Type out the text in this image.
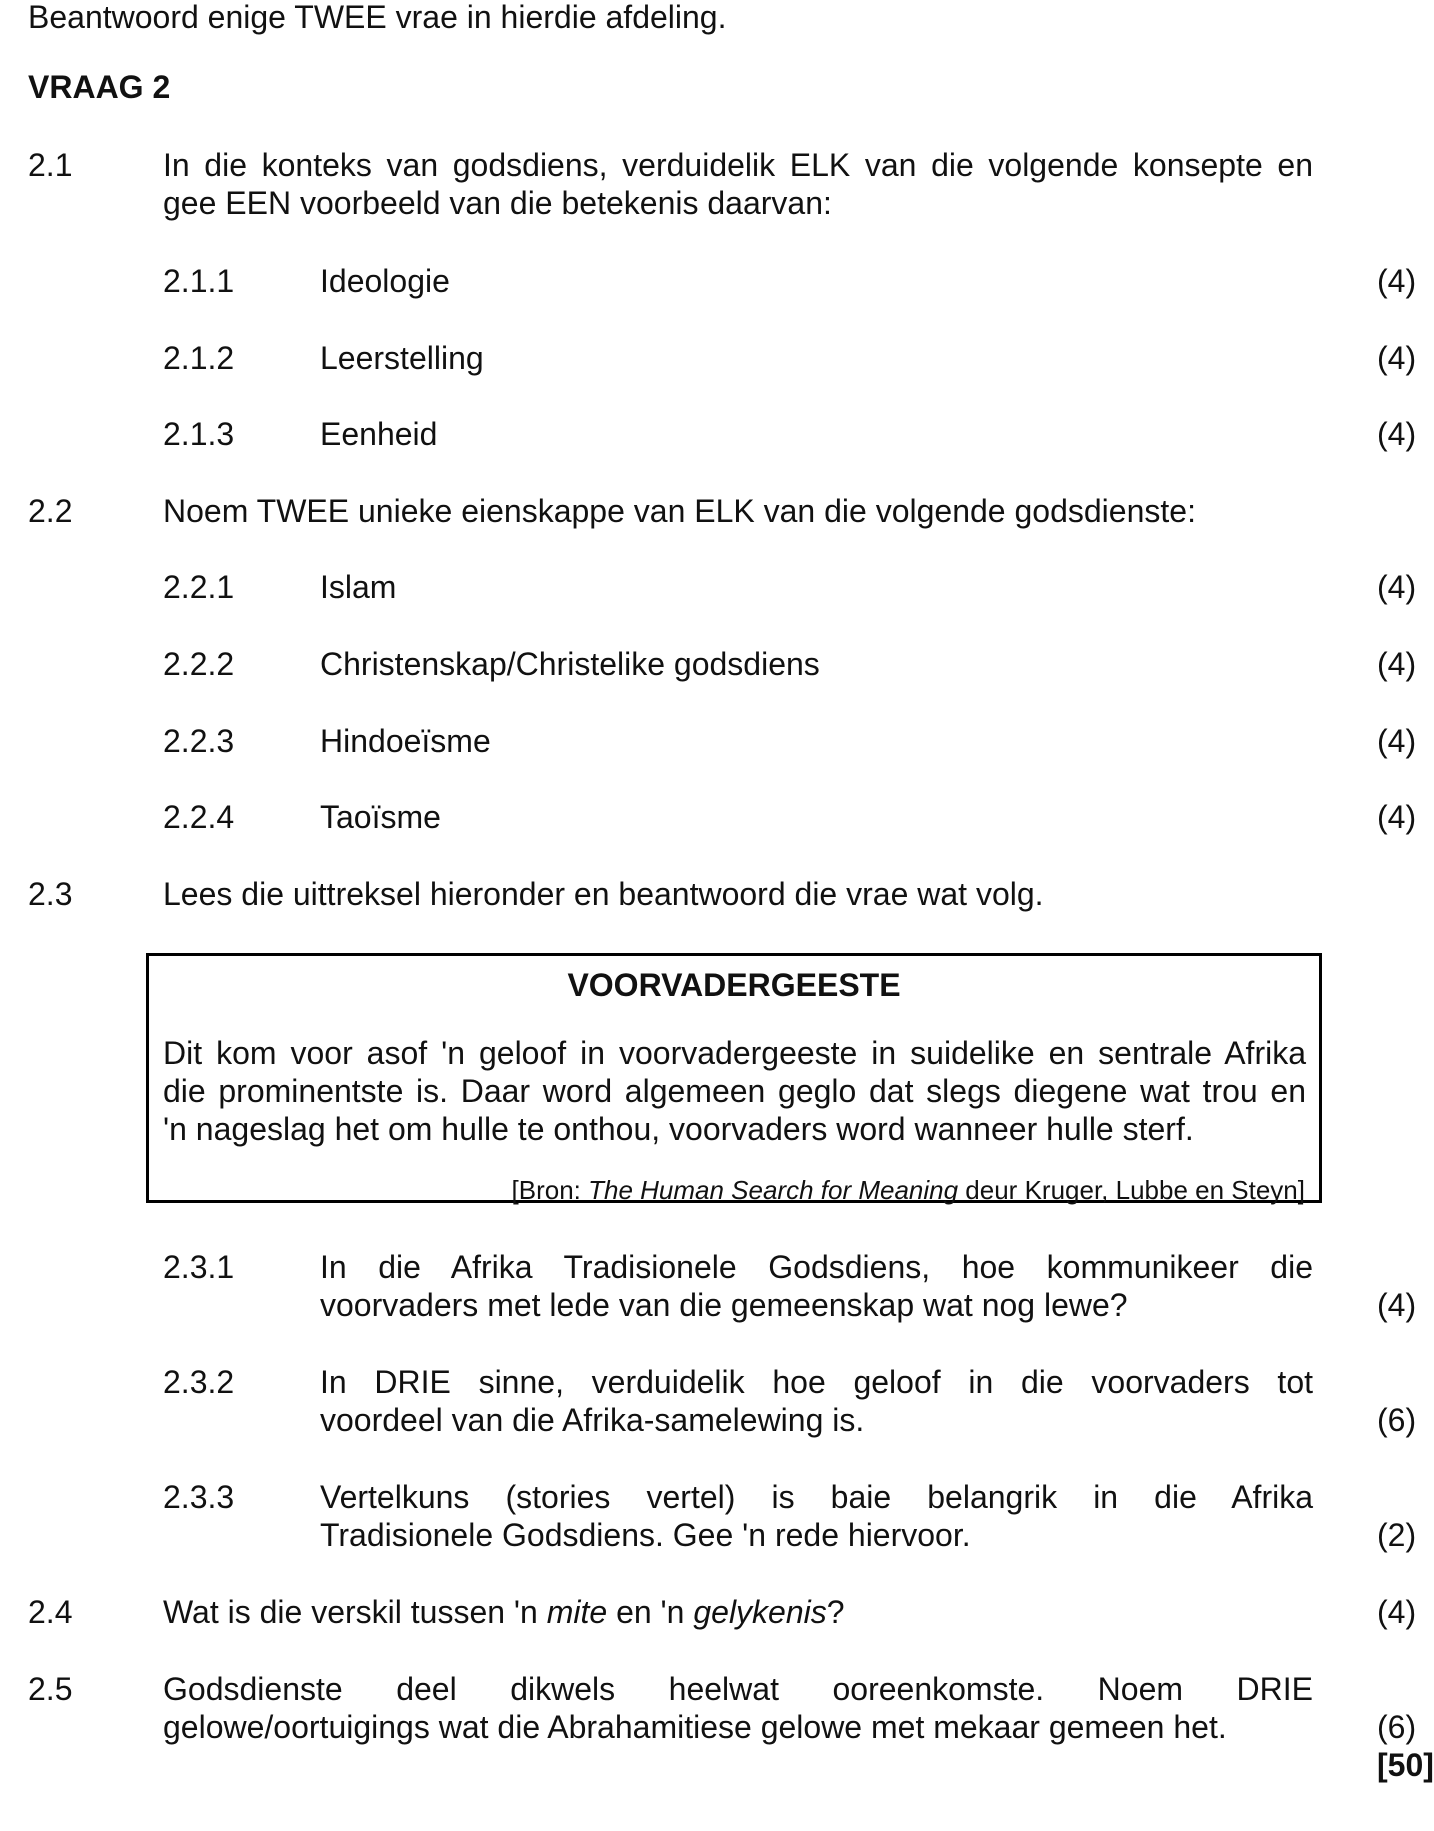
Beantwoord enige TWEE vrae in hierdie afdeling.
VRAAG 2
2.1	In die konteks van godsdiens, verduidelik ELK van die volgende konsepte en
gee EEN voorbeeld van die betekenis daarvan:
2.1.1	Ideologie	(4)
2.1.2	Leerstelling	(4)
2.1.3	Eenheid	(4)
2.2	Noem TWEE unieke eienskappe van ELK van die volgende godsdienste:
2.2.1	Islam	(4)
2.2.2	Christenskap/Christelike godsdiens	(4)
2.2.3	Hindoeïsme	(4)
2.2.4	Taoïsme	(4)
2.3	Lees die uittreksel hieronder en beantwoord die vrae wat volg.
VOORVADERGEESTE
Dit kom voor asof 'n geloof in voorvadergeeste in suidelike en sentrale Afrika
die prominentste is. Daar word algemeen geglo dat slegs diegene wat trou en
'n nageslag het om hulle te onthou, voorvaders word wanneer hulle sterf.
[Bron: The Human Search for Meaning deur Kruger, Lubbe en Steyn]
2.3.1	In die Afrika Tradisionele Godsdiens, hoe kommunikeer die
voorvaders met lede van die gemeenskap wat nog lewe?	(4)
2.3.2	In DRIE sinne, verduidelik hoe geloof in die voorvaders tot
voordeel van die Afrika-samelewing is.	(6)
2.3.3	Vertelkuns (stories vertel) is baie belangrik in die Afrika
Tradisionele Godsdiens. Gee 'n rede hiervoor.	(2)
2.4	Wat is die verskil tussen 'n mite en 'n gelykenis?	(4)
2.5	Godsdienste deel dikwels heelwat ooreenkomste. Noem DRIE
gelowe/oortuigings wat die Abrahamitiese gelowe met mekaar gemeen het.	(6)
[50]
